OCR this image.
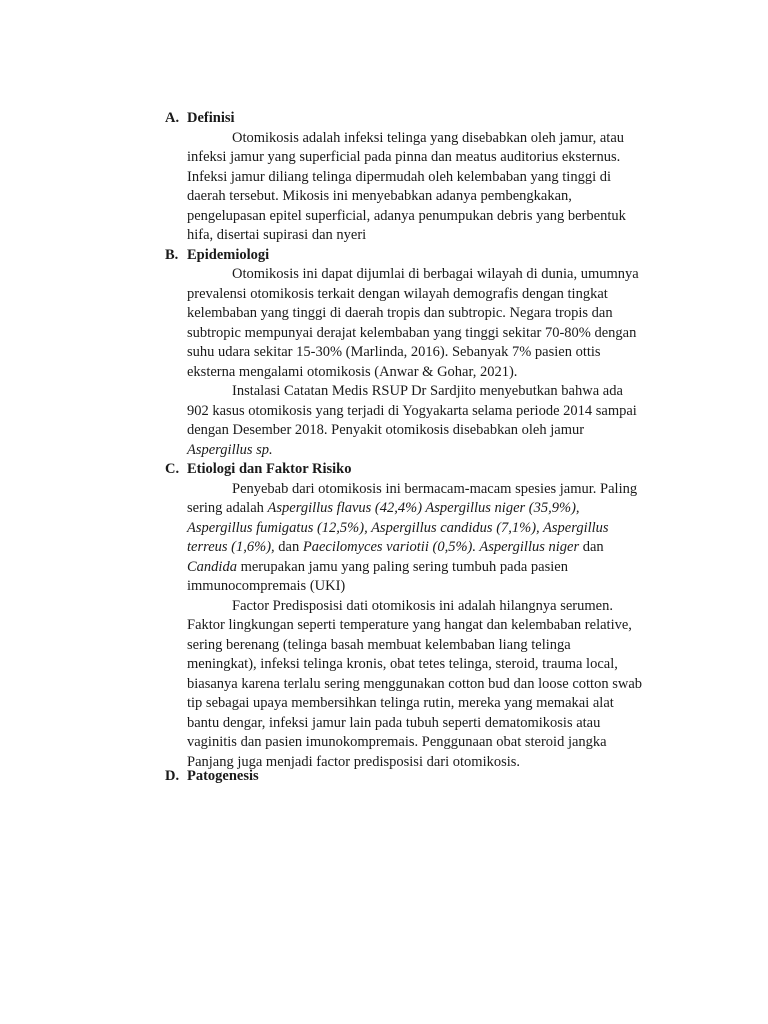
A. Definisi
Otomikosis adalah infeksi telinga yang disebabkan oleh jamur, atau
infeksi jamur yang superficial pada pinna dan meatus auditorius eksternus.
Infeksi jamur diliang telinga dipermudah oleh kelembaban yang tinggi di
daerah tersebut. Mikosis ini menyebabkan adanya pembengkakan,
pengelupasan epitel superficial, adanya penumpukan debris yang berbentuk
hifa, disertai supirasi dan nyeri
B. Epidemiologi
Otomikosis ini dapat dijumlai di berbagai wilayah di dunia, umumnya
prevalensi otomikosis terkait dengan wilayah demografis dengan tingkat
kelembaban yang tinggi di daerah tropis dan subtropic. Negara tropis dan
subtropic mempunyai derajat kelembaban yang tinggi sekitar 70-80% dengan
suhu udara sekitar 15-30% (Marlinda, 2016). Sebanyak 7% pasien ottis
eksterna mengalami otomikosis (Anwar & Gohar, 2021).
Instalasi Catatan Medis RSUP Dr Sardjito menyebutkan bahwa ada
902 kasus otomikosis yang terjadi di Yogyakarta selama periode 2014 sampai
dengan Desember 2018. Penyakit otomikosis disebabkan oleh jamur
Aspergillus sp.
C. Etiologi dan Faktor Risiko
Penyebab dari otomikosis ini bermacam-macam spesies jamur. Paling
sering adalah Aspergillus flavus (42,4%) Aspergillus niger (35,9%),
Aspergillus fumigatus (12,5%), Aspergillus candidus (7,1%), Aspergillus
terreus (1,6%), dan Paecilomyces variotii (0,5%). Aspergillus niger dan
Candida merupakan jamu yang paling sering tumbuh pada pasien
immunocompremais (UKI)
Factor Predisposisi dati otomikosis ini adalah hilangnya serumen.
Faktor lingkungan seperti temperature yang hangat dan kelembaban relative,
sering berenang (telinga basah membuat kelembaban liang telinga
meningkat), infeksi telinga kronis, obat tetes telinga, steroid, trauma local,
biasanya karena terlalu sering menggunakan cotton bud dan loose cotton swab
tip sebagai upaya membersihkan telinga rutin, mereka yang memakai alat
bantu dengar, infeksi jamur lain pada tubuh seperti dematomikosis atau
vaginitis dan pasien imunokompremais. Penggunaan obat steroid jangka
Panjang juga menjadi factor predisposisi dari otomikosis.
D. Patogenesis
